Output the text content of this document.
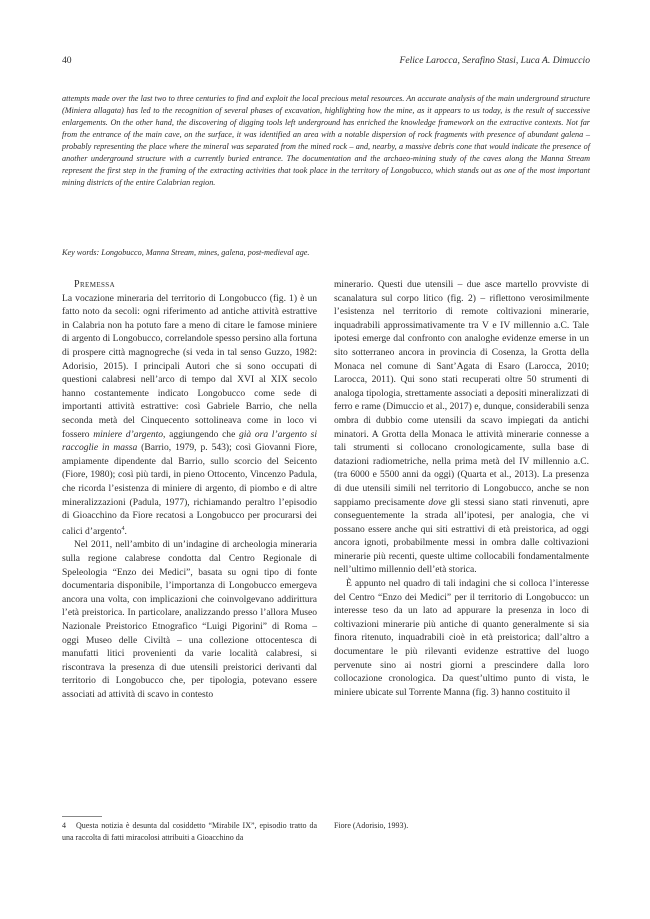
40	Felice Larocca, Serafino Stasi, Luca A. Dimuccio

attempts made over the last two to three centuries to find and exploit the local precious metal resources. An accurate analysis of the main underground structure (Miniera allagata) has led to the recognition of several phases of excavation, highlighting how the mine, as it appears to us today, is the result of successive enlargements. On the other hand, the discovering of digging tools left underground has enriched the knowledge framework on the extractive contexts. Not far from the entrance of the main cave, on the surface, it was identified an area with a notable dispersion of rock fragments with presence of abundant galena – probably representing the place where the mineral was separated from the mined rock – and, nearby, a massive debris cone that would indicate the presence of another underground structure with a currently buried entrance. The documentation and the archaeo-mining study of the caves along the Manna Stream represent the first step in the framing of the extracting activities that took place in the territory of Longobucco, which stands out as one of the most important mining districts of the entire Calabrian region.

Key words: Longobucco, Manna Stream, mines, galena, post-medieval age.

Premessa

La vocazione mineraria del territorio di Longobucco (fig. 1) è un fatto noto da secoli: ogni riferimento ad antiche attività estrattive in Calabria non ha potuto fare a meno di citare le famose miniere di argento di Longobucco, correlandole spesso persino alla fortuna di prospere città magnogreche (si veda in tal senso Guzzo, 1982: Adorisio, 2015). I principali Autori che si sono occupati di questioni calabresi nell’arco di tempo dal XVI al XIX secolo hanno costantemente indicato Longobucco come sede di importanti attività estrattive: così Gabriele Barrio, che nella seconda metà del Cinquecento sottolineava come in loco vi fossero miniere d’argento, aggiungendo che già ora l’argento si raccoglie in massa (Barrio, 1979, p. 543); così Giovanni Fiore, ampiamente dipendente dal Barrio, sullo scorcio del Seicento (Fiore, 1980); così più tardi, in pieno Ottocento, Vincenzo Padula, che ricorda l’esistenza di miniere di argento, di piombo e di altre mineralizzazioni (Padula, 1977), richiamando peraltro l’episodio di Gioacchino da Fiore recatosi a Longobucco per procurarsi dei calici d’argento$^4$.

Nel 2011, nell’ambito di un’indagine di archeologia mineraria sulla regione calabrese condotta dal Centro Regionale di Speleologia “Enzo dei Medici”, basata su ogni tipo di fonte documentaria disponibile, l’importanza di Longobucco emergeva ancora una volta, con implicazioni che coinvolgevano addirittura l’età preistorica. In particolare, analizzando presso l’allora Museo Nazionale Preistorico Etnografico “Luigi Pigorini” di Roma – oggi Museo delle Civiltà – una collezione ottocentesca di manufatti litici provenienti da varie località calabresi, si riscontrava la presenza di due utensili preistorici derivanti dal territorio di Longobucco che, per tipologia, potevano essere associati ad attività di scavo in contesto

minerario. Questi due utensili – due asce martello provviste di scanalatura sul corpo litico (fig. 2) – riflettono verosimilmente l’esistenza nel territorio di remote coltivazioni minerarie, inquadrabili approssimativamente tra V e IV millennio a.C. Tale ipotesi emerge dal confronto con analoghe evidenze emerse in un sito sotterraneo ancora in provincia di Cosenza, la Grotta della Monaca nel comune di Sant’Agata di Esaro (Larocca, 2010; Larocca, 2011). Qui sono stati recuperati oltre 50 strumenti di analoga tipologia, strettamente associati a depositi mineralizzati di ferro e rame (Dimuccio et al., 2017) e, dunque, considerabili senza ombra di dubbio come utensili da scavo impiegati da antichi minatori. A Grotta della Monaca le attività minerarie connesse a tali strumenti si collocano cronologicamente, sulla base di datazioni radiometriche, nella prima metà del IV millennio a.C. (tra 6000 e 5500 anni da oggi) (Quarta et al., 2013). La presenza di due utensili simili nel territorio di Longobucco, anche se non sappiamo precisamente dove gli stessi siano stati rinvenuti, apre conseguentemente la strada all’ipotesi, per analogia, che vi possano essere anche qui siti estrattivi di età preistorica, ad oggi ancora ignoti, probabilmente messi in ombra dalle coltivazioni minerarie più recenti, queste ultime collocabili fondamentalmente nell’ultimo millennio dell’età storica.

È appunto nel quadro di tali indagini che si colloca l’interesse del Centro “Enzo dei Medici” per il territorio di Longobucco: un interesse teso da un lato ad appurare la presenza in loco di coltivazioni minerarie più antiche di quanto generalmente si sia finora ritenuto, inquadrabili cioè in età preistorica; dall’altro a documentare le più rilevanti evidenze estrattive del luogo pervenute sino ai nostri giorni a prescindere dalla loro collocazione cronologica. Da quest’ultimo punto di vista, le miniere ubicate sul Torrente Manna (fig. 3) hanno costituito il

4 Questa notizia è desunta dal cosiddetto “Mirabile IX”, episodio tratto da una raccolta di fatti miracolosi attribuiti a Gioacchino da
Fiore (Adorisio, 1993).
